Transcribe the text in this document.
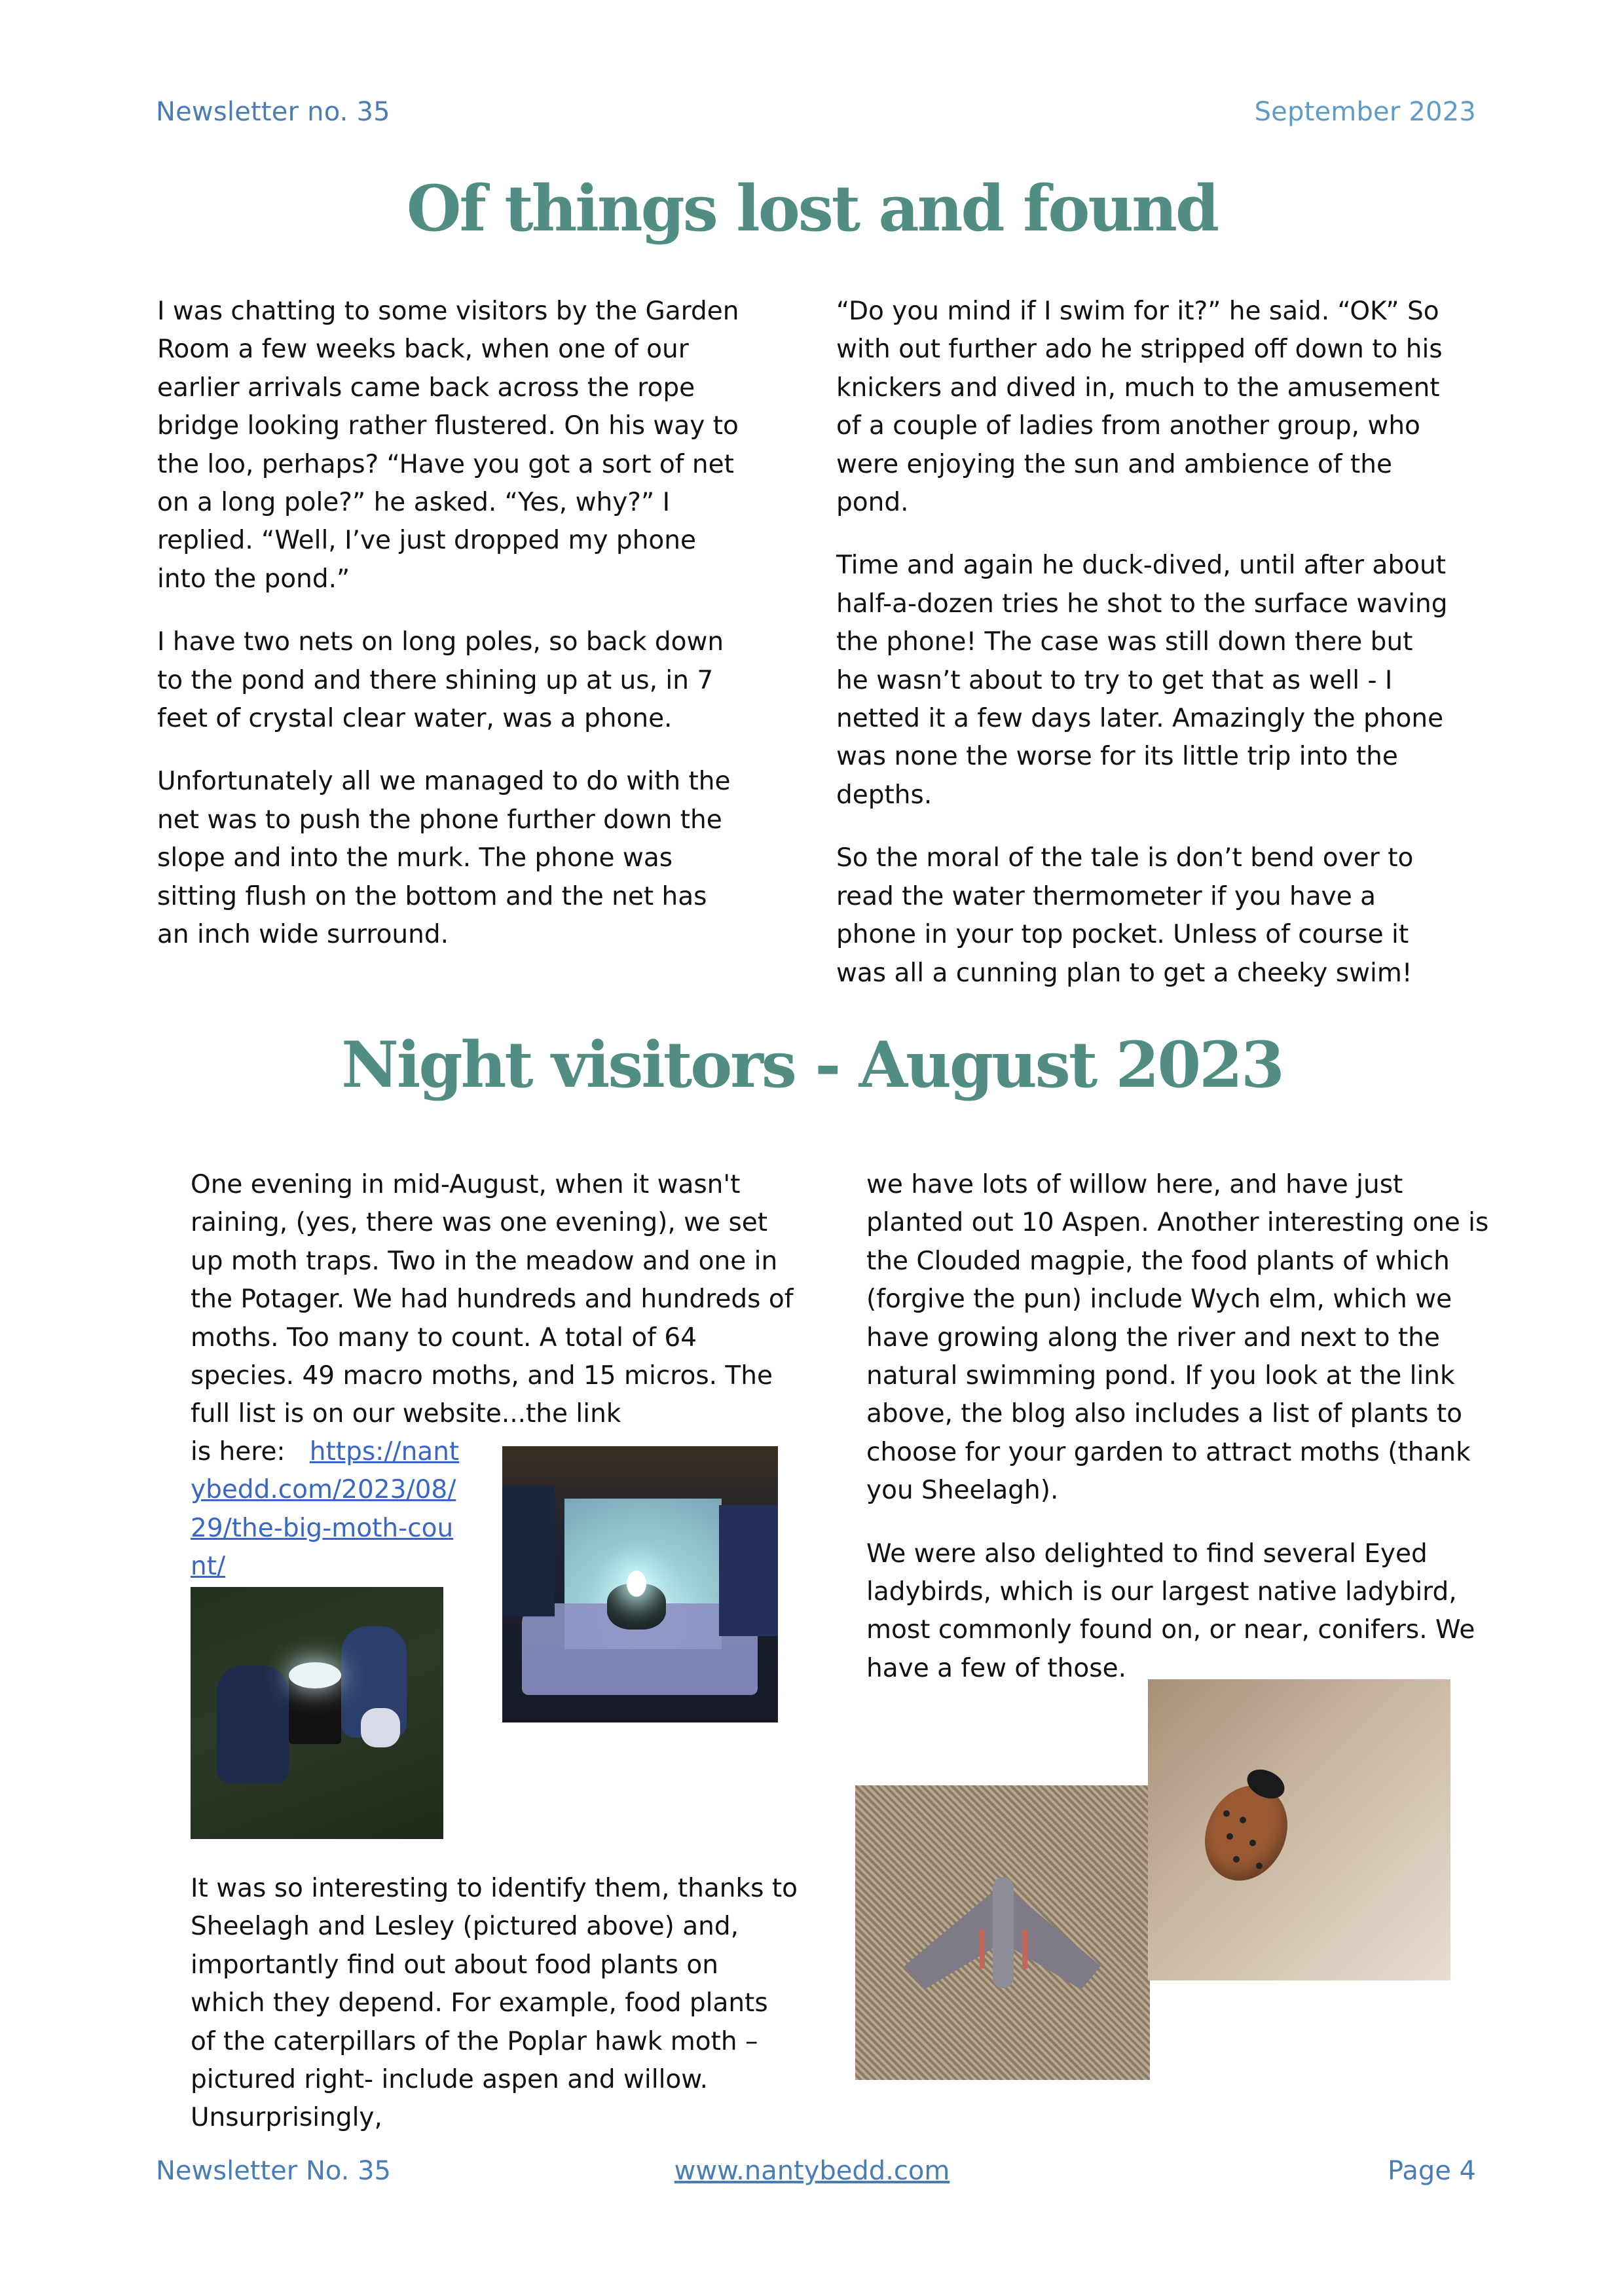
Newsletter no. 35	September 2023
Of things lost and found

I was chatting to some visitors by the Garden Room a few weeks back, when one of our earlier arrivals came back across the rope bridge looking rather flustered. On his way to the loo, perhaps? “Have you got a sort of net on a long pole?” he asked. “Yes, why?” I replied. “Well, I’ve just dropped my phone into the pond.”

I have two nets on long poles, so back down to the pond and there shining up at us, in 7 feet of crystal clear water, was a phone.

Unfortunately all we managed to do with the net was to push the phone further down the slope and into the murk. The phone was sitting flush on the bottom and the net has an inch wide surround.

“Do you mind if I swim for it?” he said. “OK” So with out further ado he stripped off down to his knickers and dived in, much to the amusement of a couple of ladies from another group, who were enjoying the sun and ambience of the pond.

Time and again he duck-dived, until after about half-a-dozen tries he shot to the surface waving the phone! The case was still down there but he wasn’t about to try to get that as well - I netted it a few days later. Amazingly the phone was none the worse for its little trip into the depths.

So the moral of the tale is don’t bend over to read the water thermometer if you have a phone in your top pocket. Unless of course it was all a cunning plan to get a cheeky swim!

Night visitors - August 2023

One evening in mid-August, when it wasn't raining, (yes, there was one evening), we set up moth traps. Two in the meadow and one in the Potager. We had hundreds and hundreds of moths. Too many to count. A total of 64 species. 49 macro moths, and 15 micros. The full list is on our website...the link

is here: https://nantybedd.com/2023/08/29/the-big-moth-count/

It was so interesting to identify them, thanks to Sheelagh and Lesley (pictured above) and, importantly find out about food plants on which they depend. For example, food plants of the caterpillars of the Poplar hawk moth – pictured right- include aspen and willow. Unsurprisingly,

we have lots of willow here, and have just planted out 10 Aspen. Another interesting one is the Clouded magpie, the food plants of which (forgive the pun) include Wych elm, which we have growing along the river and next to the natural swimming pond. If you look at the link above, the blog also includes a list of plants to choose for your garden to attract moths (thank you Sheelagh).

We were also delighted to find several Eyed ladybirds, which is our largest native ladybird, most commonly found on, or near, conifers. We have a few of those.

Newsletter No. 35	www.nantybedd.com	Page 4
